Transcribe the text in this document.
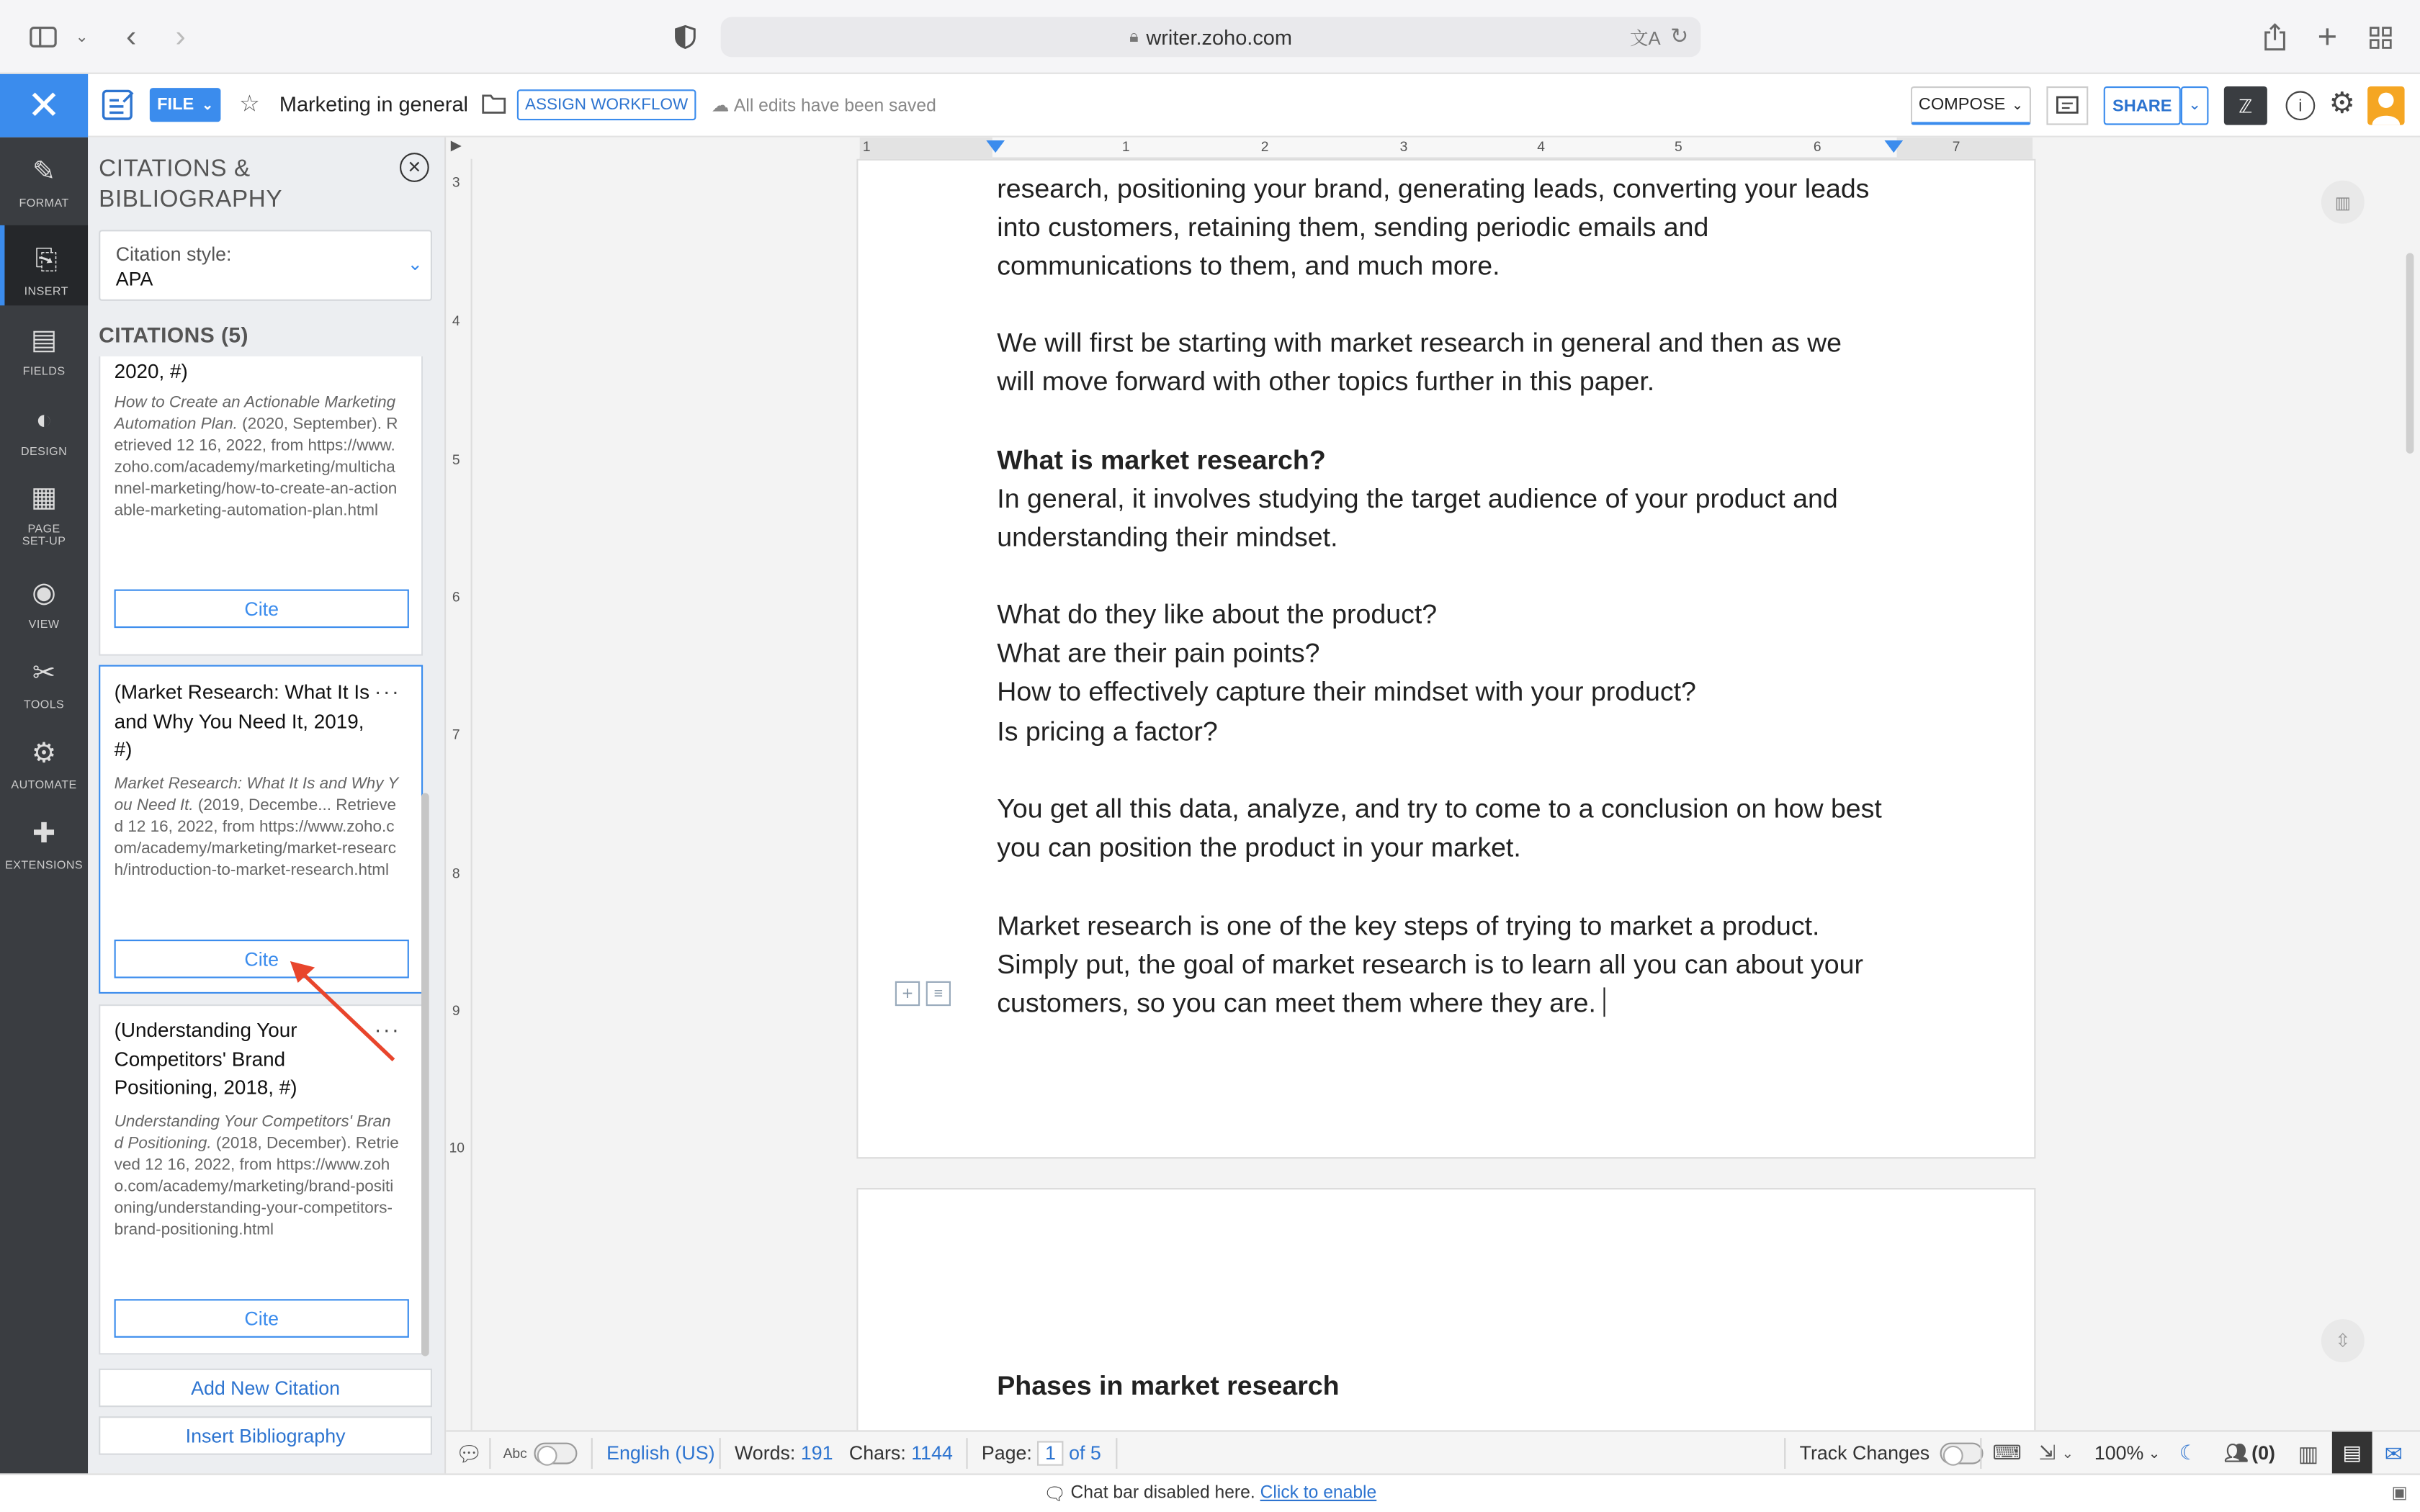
⌄	‹	›	🔒︎ writer.zoho.com	文A ↻	+
✕	FILE ⌄ ☆ Marketing in general	ASSIGN WORKFLOW	☁︎ All edits have been saved	COMPOSE ⌄	SHARE	⌄	ℤ	i	⚙︎
✎
FORMAT
⎘
INSERT
▤
FIELDS
◐
DESIGN
▦
PAGE SET-UP
◉
VIEW
✂︎
TOOLS
⚙︎
AUTOMATE
✚
EXTENSIONS
CITATIONS & BIBLIOGRAPHY
✕
Citation style:
APA
⌄
CITATIONS (5)
2020, #)
How to Create an Actionable Marketing Automation Plan. (2020, September). Retrieved 12 16, 2022, from https://www.zoho.com/academy/marketing/multichannel-marketing/how-to-create-an-actionable-marketing-automation-plan.html
Cite
(Market Research: What It Is and Why You Need It, 2019, #)
···
Market Research: What It Is and Why You Need It. (2019, Decembe... Retrieved 12 16, 2022, from https://www.zoho.com/academy/marketing/market-research/introduction-to-market-research.html
Cite
(Understanding Your Competitors' Brand Positioning, 2018, #)
···
Understanding Your Competitors' Brand Positioning. (2018, December). Retrieved 12 16, 2022, from https://www.zoho.com/academy/marketing/brand-positioning/understanding-your-competitors-brand-positioning.html
Cite
Add New Citation
Insert Bibliography
▶	1	1	2	3	4	5	6	7
3
4
5
6
7
8
9
10
research, positioning your brand, generating leads, converting your leads
into customers, retaining them, sending periodic emails and
communications to them, and much more.
We will first be starting with market research in general and then as we
will move forward with other topics further in this paper.
What is market research?
In general, it involves studying the target audience of your product and
understanding their mindset.
What do they like about the product?
What are their pain points?
How to effectively capture their mindset with your product?
Is pricing a factor?
You get all this data, analyze, and try to come to a conclusion on how best
you can position the product in your market.
Market research is one of the key steps of trying to market a product.
Simply put, the goal of market research is to learn all you can about your
customers, so you can meet them where they are.
+	≡
Phases in market research
▥
⇳
💬︎	Abc	English (US) Words:
191
Chars:
1144	Page:
	1
	of 5	Track Changes
	⌨︎ ⇲ ⌄ 100% ⌄ ☾	👥︎ (0) ▥	▤	✉︎
🗨︎ Chat bar disabled here.
Click to enable	▣
